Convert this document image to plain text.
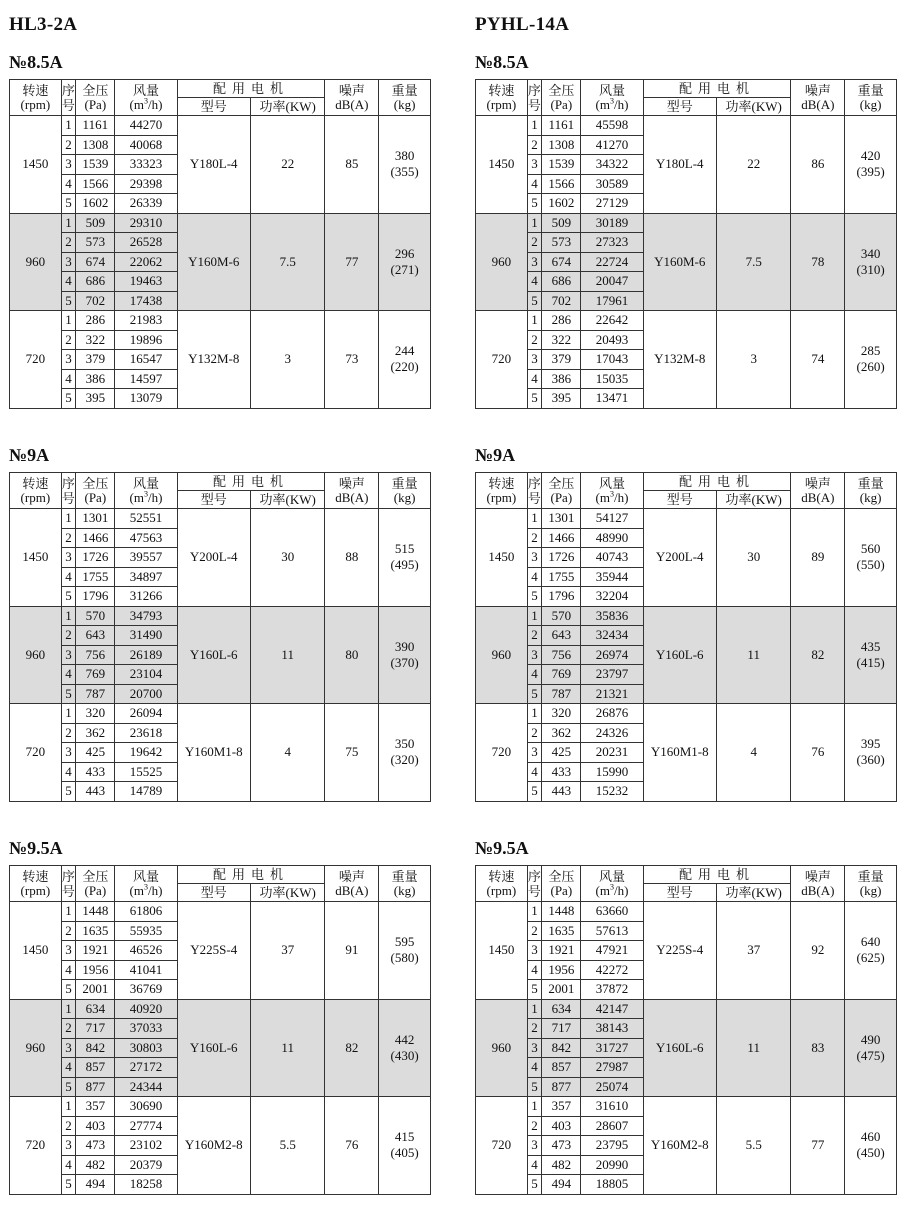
HL3-2A
№8.5A
转速
(rpm)	序号	全压
(Pa)	风量
$(m^3/h)$	配用电机		噪声
dB(A)	重量
(kg)
				型号	功率(KW)		
1450	1	1161	44270	Y180L-4	22	85	380
(355)
	2	1308	40068				
	3	1539	33323				
	4	1566	29398				
	5	1602	26339				
960	1	509	29310	Y160M-6	7.5	77	296
(271)
	2	573	26528				
	3	674	22062				
	4	686	19463				
	5	702	17438				
720	1	286	21983	Y132M-8	3	73	244
(220)
	2	322	19896				
	3	379	16547				
	4	386	14597				
	5	395	13079				
№9A
转速
(rpm)	序号	全压
(Pa)	风量
$(m^3/h)$	配用电机		噪声
dB(A)	重量
(kg)
				型号	功率(KW)		
1450	1	1301	52551	Y200L-4	30	88	515
(495)
	2	1466	47563				
	3	1726	39557				
	4	1755	34897				
	5	1796	31266				
960	1	570	34793	Y160L-6	11	80	390
(370)
	2	643	31490				
	3	756	26189				
	4	769	23104				
	5	787	20700				
720	1	320	26094	Y160M1-8	4	75	350
(320)
	2	362	23618				
	3	425	19642				
	4	433	15525				
	5	443	14789				
№9.5A
转速
(rpm)	序号	全压
(Pa)	风量
$(m^3/h)$	配用电机		噪声
dB(A)	重量
(kg)
				型号	功率(KW)		
1450	1	1448	61806	Y225S-4	37	91	595
(580)
	2	1635	55935				
	3	1921	46526				
	4	1956	41041				
	5	2001	36769				
960	1	634	40920	Y160L-6	11	82	442
(430)
	2	717	37033				
	3	842	30803				
	4	857	27172				
	5	877	24344				
720	1	357	30690	Y160M2-8	5.5	76	415
(405)
	2	403	27774				
	3	473	23102				
	4	482	20379				
	5	494	18258				
PYHL-14A
№8.5A
转速
(rpm)	序号	全压
(Pa)	风量
$(m^3/h)$	配用电机		噪声
dB(A)	重量
(kg)
				型号	功率(KW)		
1450	1	1161	45598	Y180L-4	22	86	420
(395)
	2	1308	41270				
	3	1539	34322				
	4	1566	30589				
	5	1602	27129				
960	1	509	30189	Y160M-6	7.5	78	340
(310)
	2	573	27323				
	3	674	22724				
	4	686	20047				
	5	702	17961				
720	1	286	22642	Y132M-8	3	74	285
(260)
	2	322	20493				
	3	379	17043				
	4	386	15035				
	5	395	13471				
№9A
转速
(rpm)	序号	全压
(Pa)	风量
$(m^3/h)$	配用电机		噪声
dB(A)	重量
(kg)
				型号	功率(KW)		
1450	1	1301	54127	Y200L-4	30	89	560
(550)
	2	1466	48990				
	3	1726	40743				
	4	1755	35944				
	5	1796	32204				
960	1	570	35836	Y160L-6	11	82	435
(415)
	2	643	32434				
	3	756	26974				
	4	769	23797				
	5	787	21321				
720	1	320	26876	Y160M1-8	4	76	395
(360)
	2	362	24326				
	3	425	20231				
	4	433	15990				
	5	443	15232				
№9.5A
转速
(rpm)	序号	全压
(Pa)	风量
$(m^3/h)$	配用电机		噪声
dB(A)	重量
(kg)
				型号	功率(KW)		
1450	1	1448	63660	Y225S-4	37	92	640
(625)
	2	1635	57613				
	3	1921	47921				
	4	1956	42272				
	5	2001	37872				
960	1	634	42147	Y160L-6	11	83	490
(475)
	2	717	38143				
	3	842	31727				
	4	857	27987				
	5	877	25074				
720	1	357	31610	Y160M2-8	5.5	77	460
(450)
	2	403	28607				
	3	473	23795				
	4	482	20990				
	5	494	18805				
